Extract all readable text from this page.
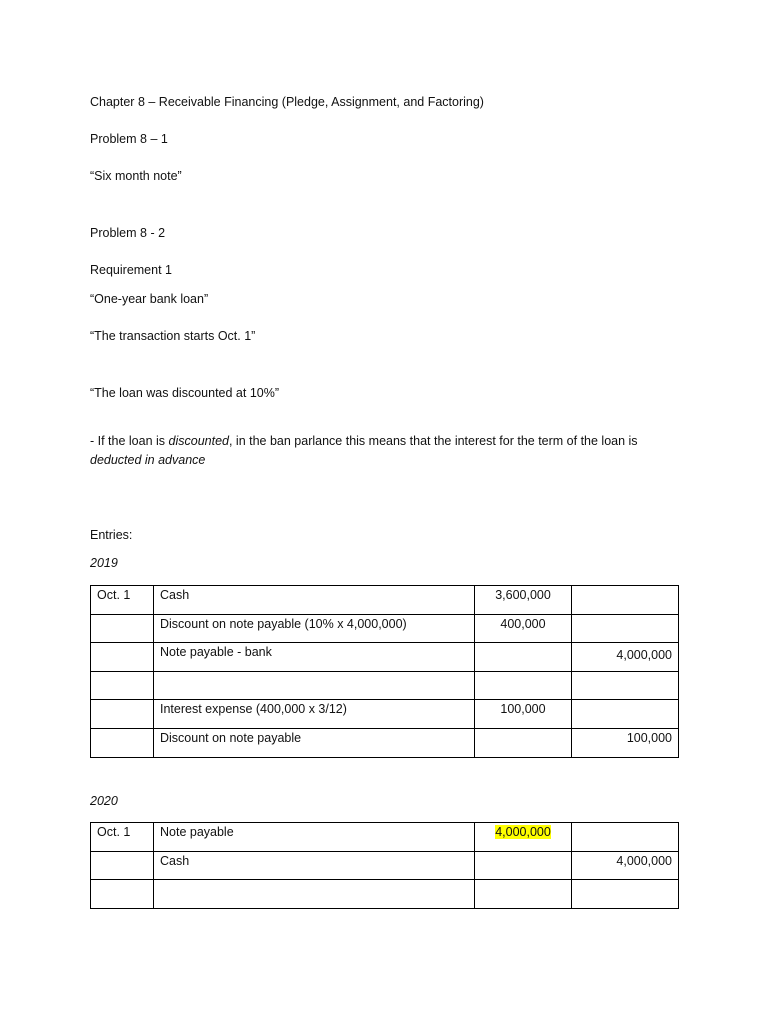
Chapter 8 – Receivable Financing (Pledge, Assignment, and Factoring)
Problem 8 – 1
“Six month note”
Problem 8 - 2
Requirement 1
“One-year bank loan”
“The transaction starts Oct. 1”
“The loan was discounted at 10%”
- If the loan is discounted, in the ban parlance this means that the interest for the term of the loan is deducted in advance
Entries:
2019
Oct. 1	Cash	3,600,000	
	Discount on note payable (10% x 4,000,000)	400,000	
	Note payable - bank		4,000,000

	Interest expense (400,000 x 3/12)	100,000	
	Discount on note payable		100,000
2020
Oct. 1	Note payable	4,000,000	
	Cash		4,000,000
